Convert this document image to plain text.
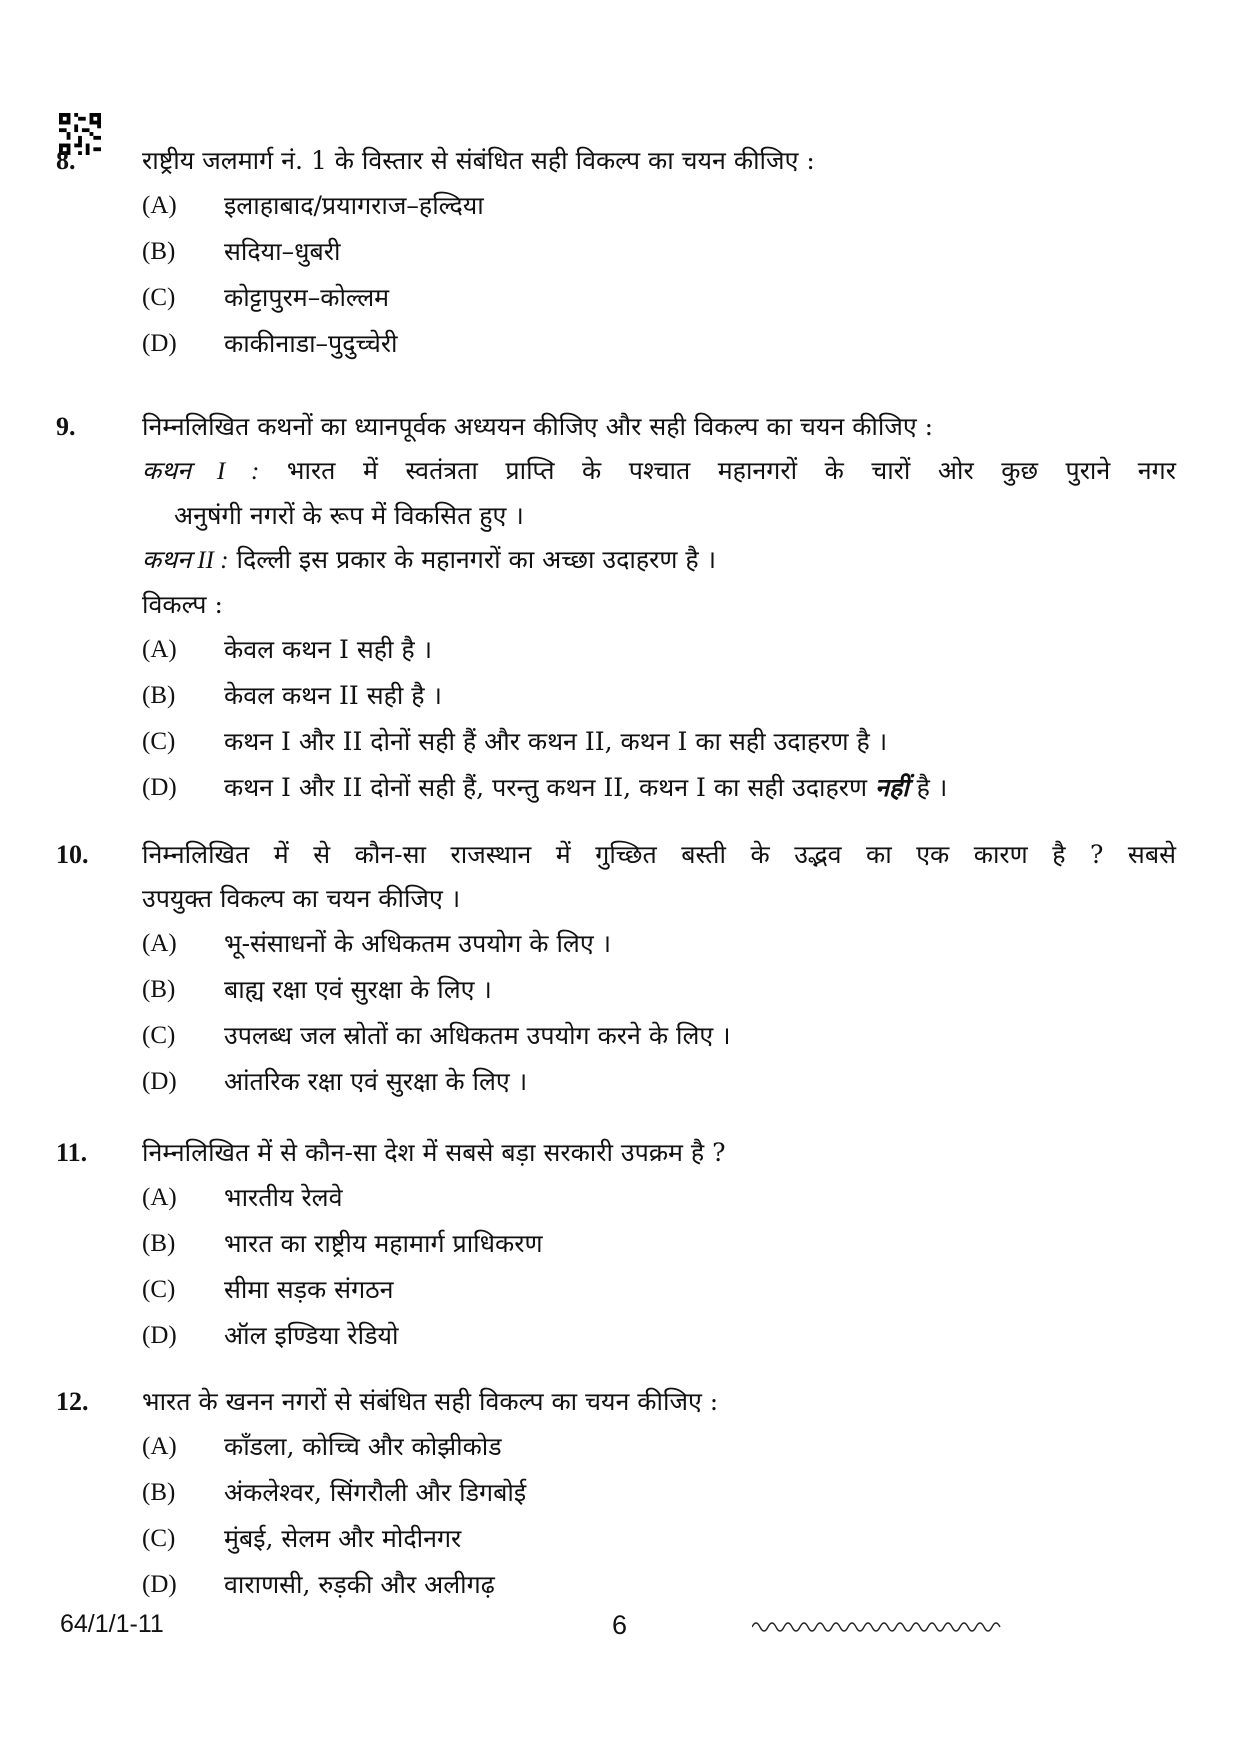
8.	राष्ट्रीय जलमार्ग नं. 1 के विस्तार से संबंधित सही विकल्प का चयन कीजिए :
(A)	इलाहाबाद/प्रयागराज–हल्दिया
(B)	सदिया–धुबरी
(C)	कोट्टापुरम–कोल्लम
(D)	काकीनाडा–पुदुच्चेरी
9.	निम्नलिखित कथनों का ध्यानपूर्वक अध्ययन कीजिए और सही विकल्प का चयन कीजिए :
कथन I : भारत में स्वतंत्रता प्राप्ति के पश्चात महानगरों के चारों ओर कुछ पुराने नगर
अनुषंगी नगरों के रूप में विकसित हुए ।
कथन II : दिल्ली इस प्रकार के महानगरों का अच्छा उदाहरण है ।
विकल्प :
(A)	केवल कथन I सही है ।
(B)	केवल कथन II सही है ।
(C)	कथन I और II दोनों सही हैं और कथन II, कथन I का सही उदाहरण है ।
(D)	कथन I और II दोनों सही हैं, परन्तु कथन II, कथन I का सही उदाहरण
नहीं
है ।
10. निम्नलिखित में से कौन-सा राजस्थान में गुच्छित बस्ती के उद्भव का एक कारण है ? सबसे
उपयुक्त विकल्प का चयन कीजिए ।
(A)	भू-संसाधनों के अधिकतम उपयोग के लिए ।
(B)	बाह्य रक्षा एवं सुरक्षा के लिए ।
(C)	उपलब्ध जल स्रोतों का अधिकतम उपयोग करने के लिए ।
(D)	आंतरिक रक्षा एवं सुरक्षा के लिए ।
11. निम्नलिखित में से कौन-सा देश में सबसे बड़ा सरकारी उपक्रम है ?
(A)	भारतीय रेलवे
(B)	भारत का राष्ट्रीय महामार्ग प्राधिकरण
(C)	सीमा सड़क संगठन
(D)	ऑल इण्डिया रेडियो
12. भारत के खनन नगरों से संबंधित सही विकल्प का चयन कीजिए :
(A)	काँडला, कोच्चि और कोझीकोड
(B)	अंकलेश्वर, सिंगरौली और डिगबोई
(C)	मुंबई, सेलम और मोदीनगर
(D)	वाराणसी, रुड़की और अलीगढ़
64/1/1-11	6
